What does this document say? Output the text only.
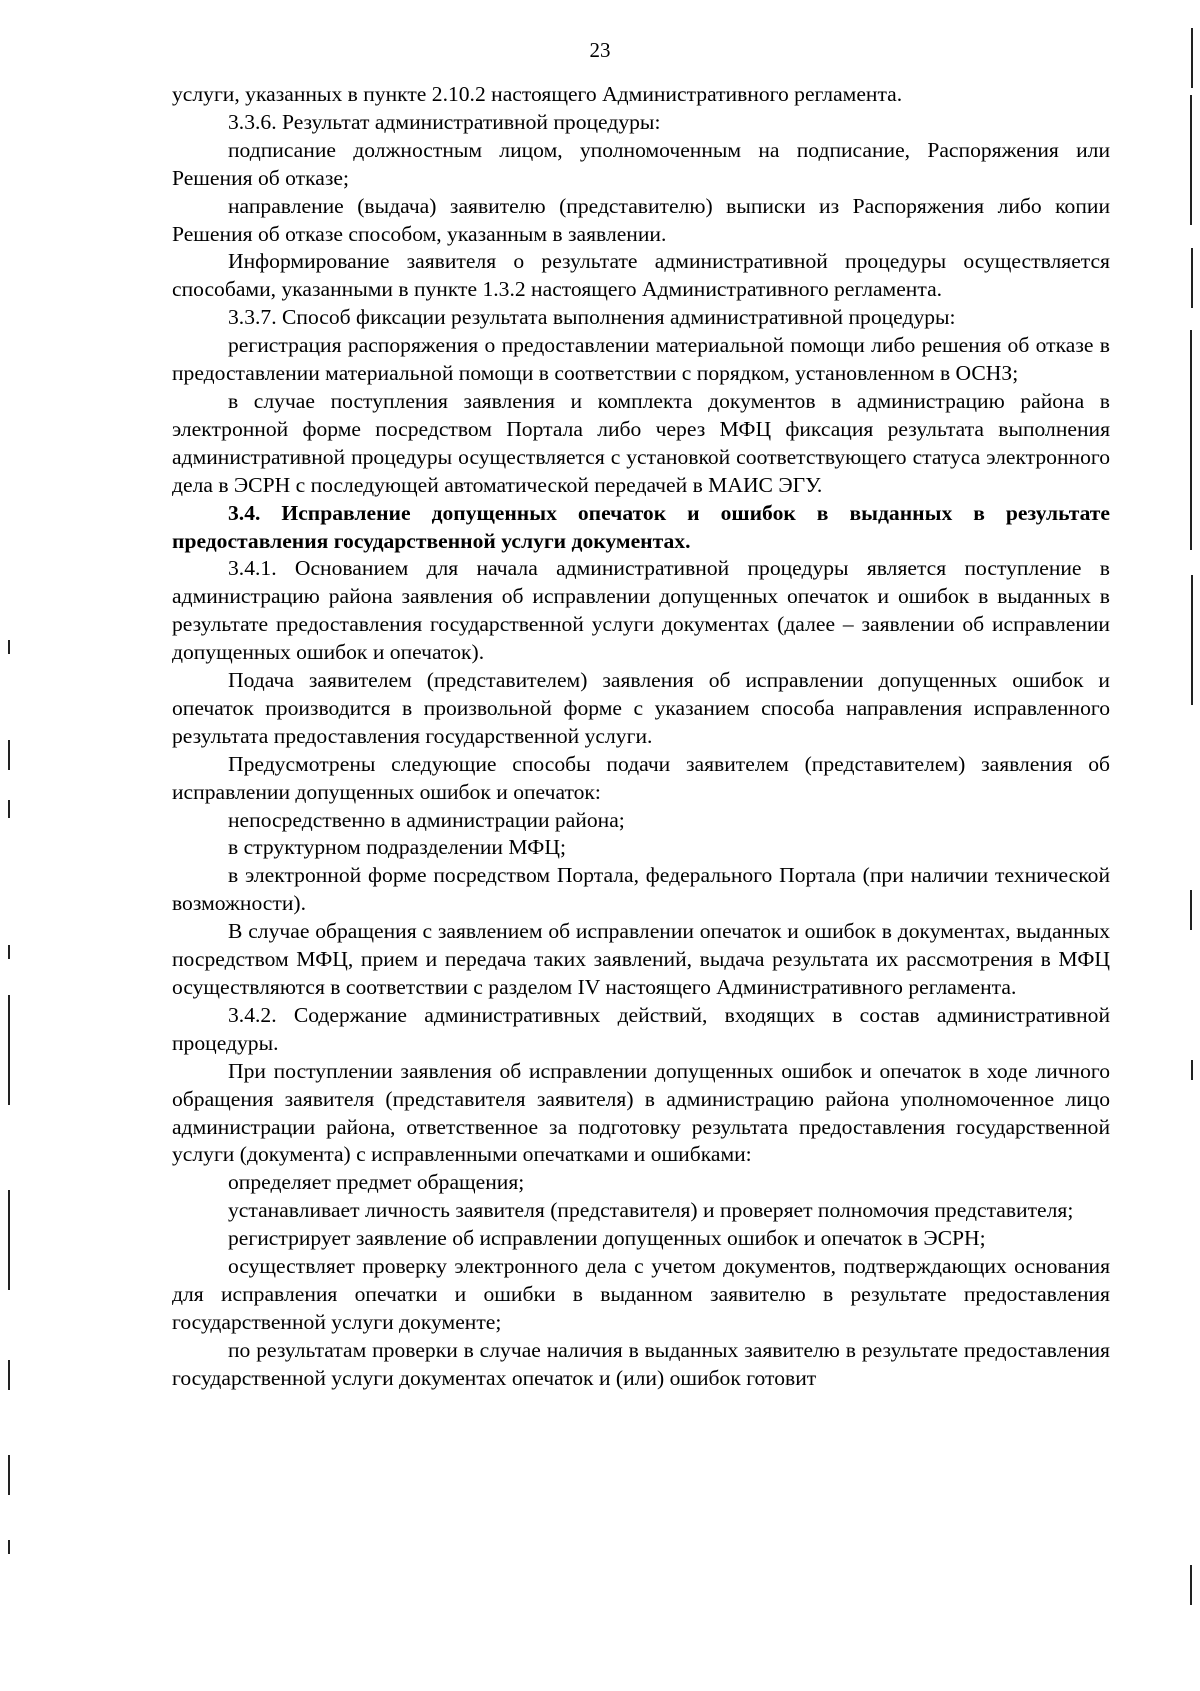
23

услуги, указанных в пункте 2.10.2 настоящего Административного регламента.

3.3.6. Результат административной процедуры:

подписание должностным лицом, уполномоченным на подписание, Распоряжения или Решения об отказе;

направление (выдача) заявителю (представителю) выписки из Распоряжения либо копии Решения об отказе способом, указанным в заявлении.

Информирование заявителя о результате административной процедуры осуществляется способами, указанными в пункте 1.3.2 настоящего Административного регламента.

3.3.7. Способ фиксации результата выполнения административной процедуры:

регистрация распоряжения о предоставлении материальной помощи либо решения об отказе в предоставлении материальной помощи в соответствии с порядком, установленном в ОСНЗ;

в случае поступления заявления и комплекта документов в администрацию района в электронной форме посредством Портала либо через МФЦ фиксация результата выполнения административной процедуры осуществляется с установкой соответствующего статуса электронного дела в ЭСРН с последующей автоматической передачей в МАИС ЭГУ.

3.4. Исправление допущенных опечаток и ошибок в выданных в результате предоставления государственной услуги документах.

3.4.1. Основанием для начала административной процедуры является поступление в администрацию района заявления об исправлении допущенных опечаток и ошибок в выданных в результате предоставления государственной услуги документах (далее – заявлении об исправлении допущенных ошибок и опечаток).

Подача заявителем (представителем) заявления об исправлении допущенных ошибок и опечаток производится в произвольной форме с указанием способа направления исправленного результата предоставления государственной услуги.

Предусмотрены следующие способы подачи заявителем (представителем) заявления об исправлении допущенных ошибок и опечаток:

непосредственно в администрации района;

в структурном подразделении МФЦ;

в электронной форме посредством Портала, федерального Портала (при наличии технической возможности).

В случае обращения с заявлением об исправлении опечаток и ошибок в документах, выданных посредством МФЦ, прием и передача таких заявлений, выдача результата их рассмотрения в МФЦ осуществляются в соответствии с разделом IV настоящего Административного регламента.

3.4.2. Содержание административных действий, входящих в состав административной процедуры.

При поступлении заявления об исправлении допущенных ошибок и опечаток в ходе личного обращения заявителя (представителя заявителя) в администрацию района уполномоченное лицо администрации района, ответственное за подготовку результата предоставления государственной услуги (документа) с исправленными опечатками и ошибками:

определяет предмет обращения;

устанавливает личность заявителя (представителя) и проверяет полномочия представителя;

регистрирует заявление об исправлении допущенных ошибок и опечаток в ЭСРН;

осуществляет проверку электронного дела с учетом документов, подтверждающих основания для исправления опечатки и ошибки в выданном заявителю в результате предоставления государственной услуги документе;

по результатам проверки в случае наличия в выданных заявителю в результате предоставления государственной услуги документах опечаток и (или) ошибок готовит
